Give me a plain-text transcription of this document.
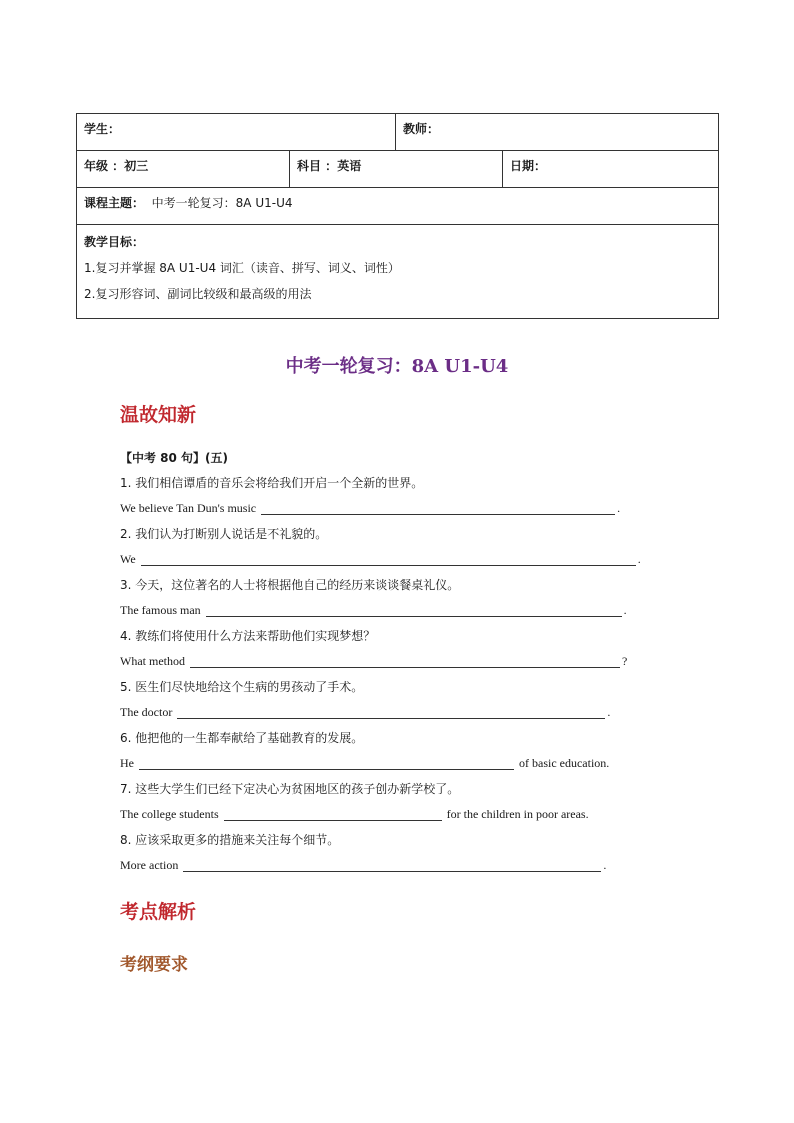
学生：		教师：	
年级 ：初三	科目 ：英语		日期：
课程主题： 中考一轮复习：8A U1-U4			

教学目标：
1.复习并掌握 8A U1-U4 词汇（读音、拼写、词义、词性）
2.复习形容词、副词比较级和最高级的用法			
中考一轮复习：8A U1-U4
温故知新
【中考 80 句】(五)
1. 我们相信谭盾的音乐会将给我们开启一个全新的世界。
We believe Tan Dun's music	.
2. 我们认为打断别人说话是不礼貌的。
We	.
3. 今天，这位著名的人士将根据他自己的经历来谈谈餐桌礼仪。
The famous man	.
4. 教练们将使用什么方法来帮助他们实现梦想？
What method	?
5. 医生们尽快地给这个生病的男孩动了手术。
The doctor	.
6. 他把他的一生都奉献给了基础教育的发展。
He	of basic education.
7. 这些大学生们已经下定决心为贫困地区的孩子创办新学校了。
The college students	for the children in poor areas.
8. 应该采取更多的措施来关注每个细节。
More action	.
考点解析
考纲要求
